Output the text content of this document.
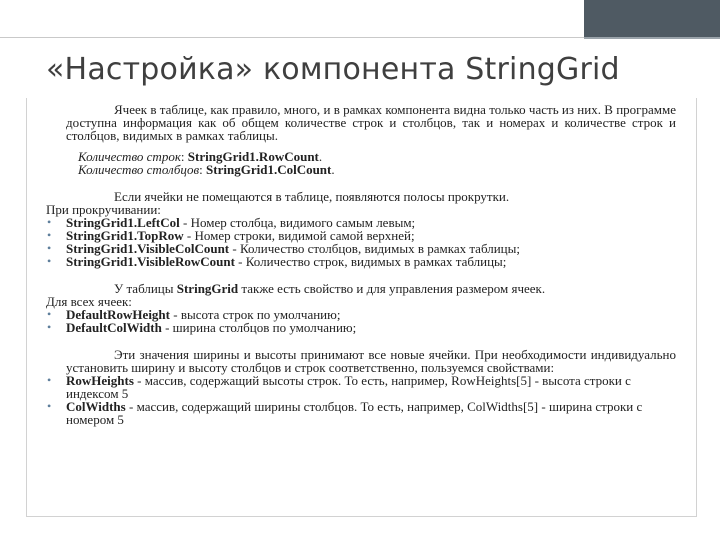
«Настройка» компонента StringGrid

Ячеек в таблице, как правило, много, и в рамках компонента видна только часть из них. В программе доступна информация как об общем количестве строк и столбцов, так и номерах и количестве строк и столбцов, видимых в рамках таблицы.

Количество строк: StringGrid1.RowCount.
Количество столбцов: StringGrid1.ColCount.

Если ячейки не помещаются в таблице, появляются полосы прокрутки.

При прокручивании:

• StringGrid1.LeftCol - Номер столбца, видимого самым левым;
• StringGrid1.TopRow - Номер строки, видимой самой верхней;
• StringGrid1.VisibleColCount - Количество столбцов, видимых в рамках таблицы;
• StringGrid1.VisibleRowCount - Количество строк, видимых в рамках таблицы;

У таблицы StringGrid также есть свойство и для управления размером ячеек.

Для всех ячеек:

• DefaultRowHeight - высота строк по умолчанию;
• DefaultColWidth - ширина столбцов по умолчанию;

Эти значения ширины и высоты принимают все новые ячейки. При необходимости индивидуально установить ширину и высоту столбцов и строк соответственно, пользуемся свойствами:

• RowHeights - массив, содержащий высоты строк. То есть, например, RowHeights[5] - высота строки с индексом 5
• ColWidths - массив, содержащий ширины столбцов. То есть, например, ColWidths[5] - ширина строки с номером 5
